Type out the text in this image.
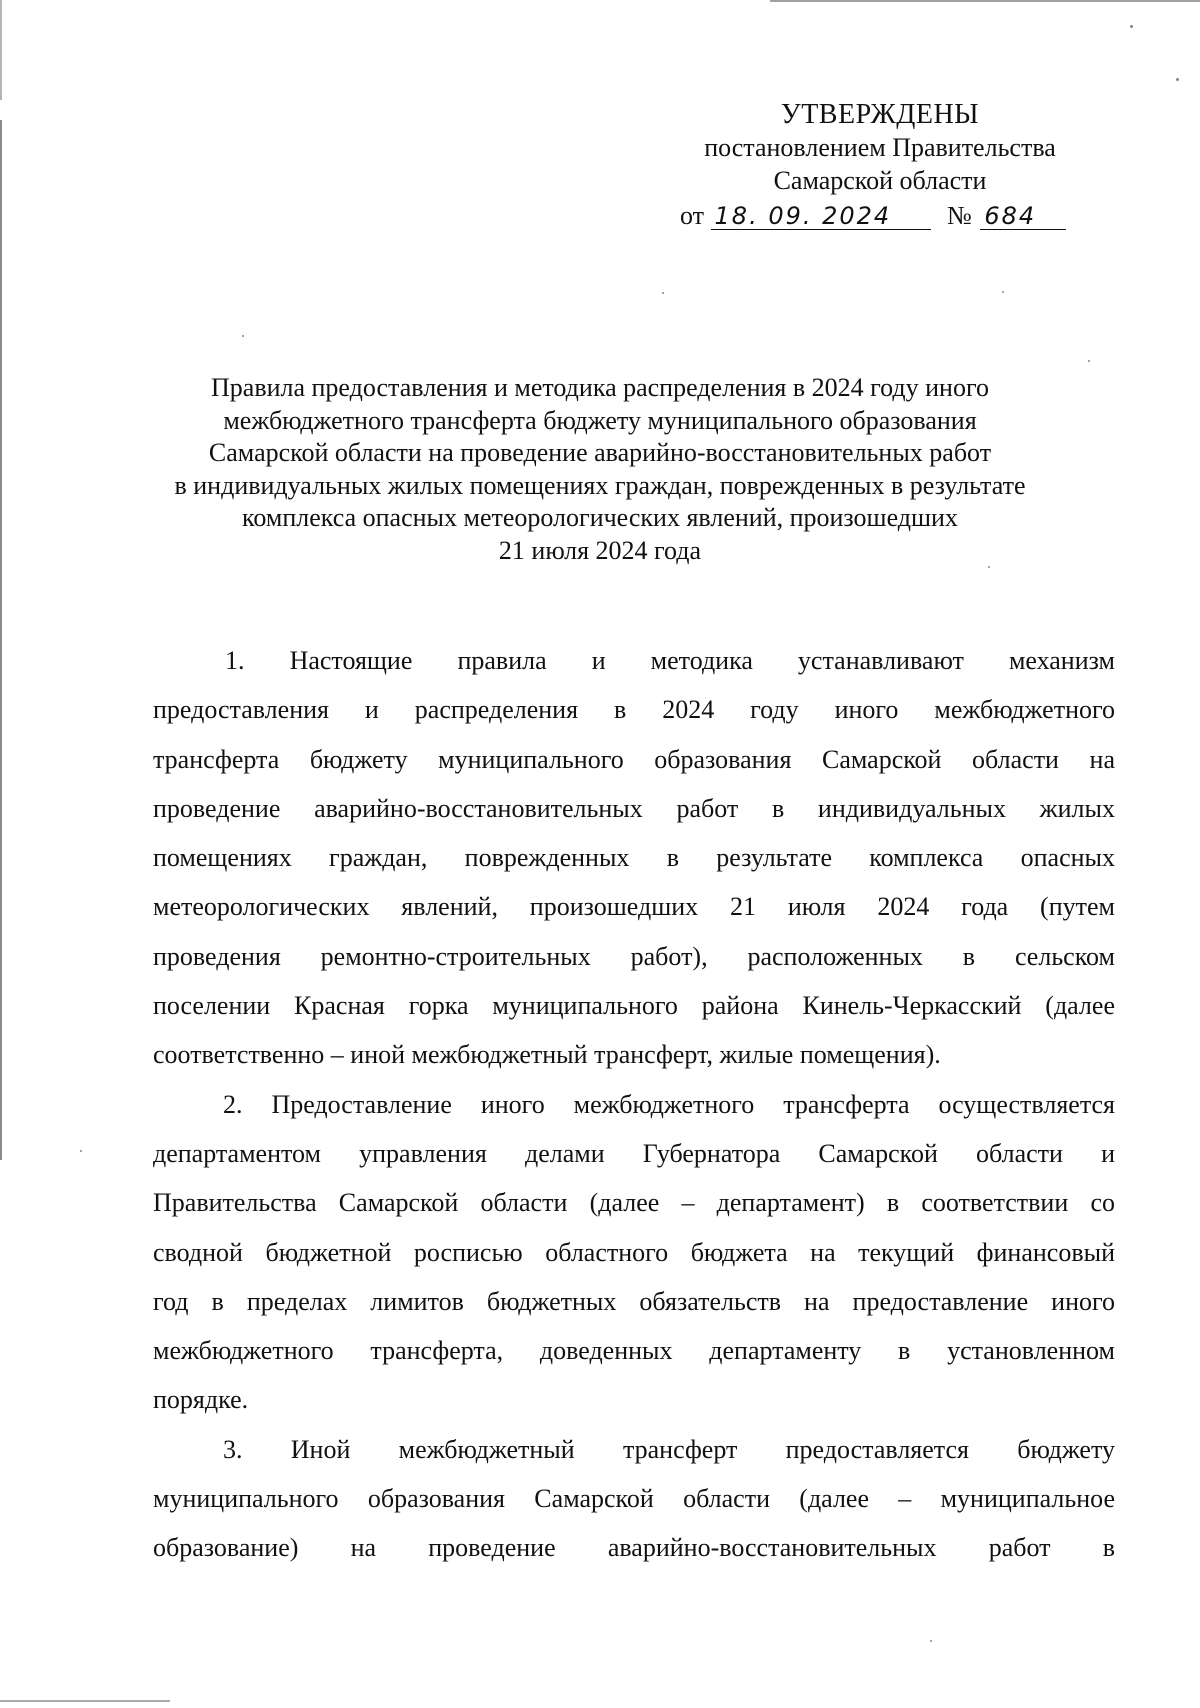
УТВЕРЖДЕНЫ
постановлением Правительства
Самарской области
от 18. 09. 2024 № 684
Правила предоставления и методика распределения в 2024 году иного
межбюджетного трансферта бюджету муниципального образования
Самарской области на проведение аварийно-восстановительных работ
в индивидуальных жилых помещениях граждан, поврежденных в результате
комплекса опасных метеорологических явлений, произошедших
21 июля 2024 года
1. Настоящие правила и методика устанавливают механизм
предоставления и распределения в 2024 году иного межбюджетного
трансферта бюджету муниципального образования Самарской области на
проведение аварийно-восстановительных работ в индивидуальных жилых
помещениях граждан, поврежденных в результате комплекса опасных
метеорологических явлений, произошедших 21 июля 2024 года (путем
проведения ремонтно-строительных работ), расположенных в сельском
поселении Красная горка муниципального района Кинель-Черкасский (далее
соответственно – иной межбюджетный трансферт, жилые помещения).
2. Предоставление иного межбюджетного трансферта осуществляется
департаментом управления делами Губернатора Самарской области и
Правительства Самарской области (далее – департамент) в соответствии со
сводной бюджетной росписью областного бюджета на текущий финансовый
год в пределах лимитов бюджетных обязательств на предоставление иного
межбюджетного трансферта, доведенных департаменту в установленном
порядке.
3. Иной межбюджетный трансферт предоставляется бюджету
муниципального образования Самарской области (далее – муниципальное
образование) на проведение аварийно-восстановительных работ в
